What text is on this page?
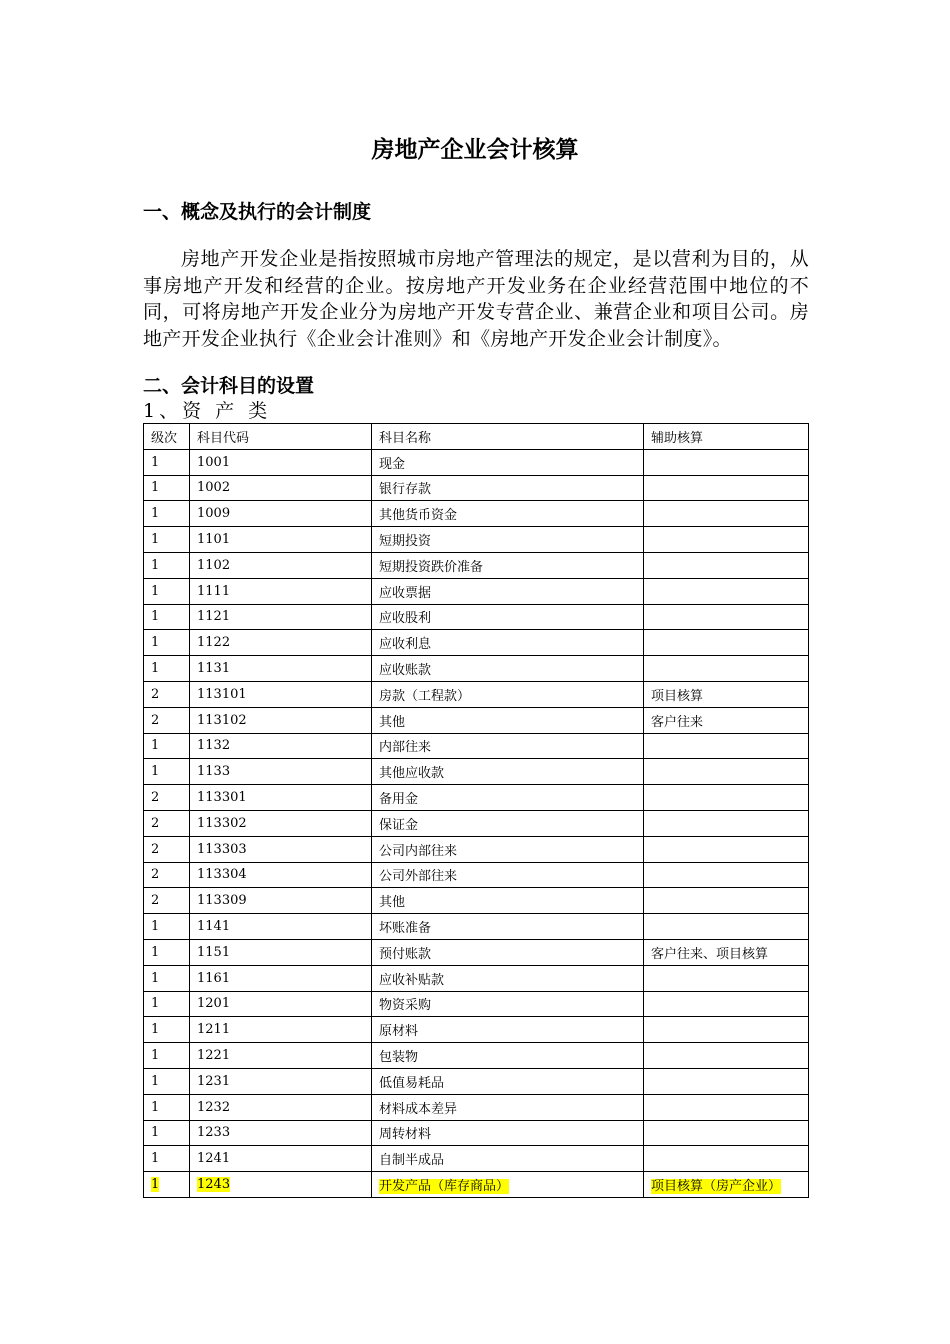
房地产企业会计核算
一、概念及执行的会计制度

房地产开发企业是指按照城市房地产管理法的规定，是以营利为目的，从事房地产开发和经营的企业。按房地产开发业务在企业经营范围中地位的不同，可将房地产开发企业分为房地产开发专营企业、兼营企业和项目公司。房地产开发企业执行《企业会计准则》和《房地产开发企业会计制度》。

二、会计科目的设置
1、资 产 类
级次	科目代码	科目名称	辅助核算
1	1001	现金	
1	1002	银行存款	
1	1009	其他货币资金	
1	1101	短期投资	
1	1102	短期投资跌价准备	
1	1111	应收票据	
1	1121	应收股利	
1	1122	应收利息	
1	1131	应收账款	
2	113101	房款（工程款）	项目核算
2	113102	其他	客户往来
1	1132	内部往来	
1	1133	其他应收款	
2	113301	备用金	
2	113302	保证金	
2	113303	公司内部往来	
2	113304	公司外部往来	
2	113309	其他	
1	1141	坏账准备	
1	1151	预付账款	客户往来、项目核算
1	1161	应收补贴款	
1	1201	物资采购	
1	1211	原材料	
1	1221	包装物	
1	1231	低值易耗品	
1	1232	材料成本差异	
1	1233	周转材料	
1	1241	自制半成品	
1	1243	开发产品（库存商品）	项目核算（房产企业）
